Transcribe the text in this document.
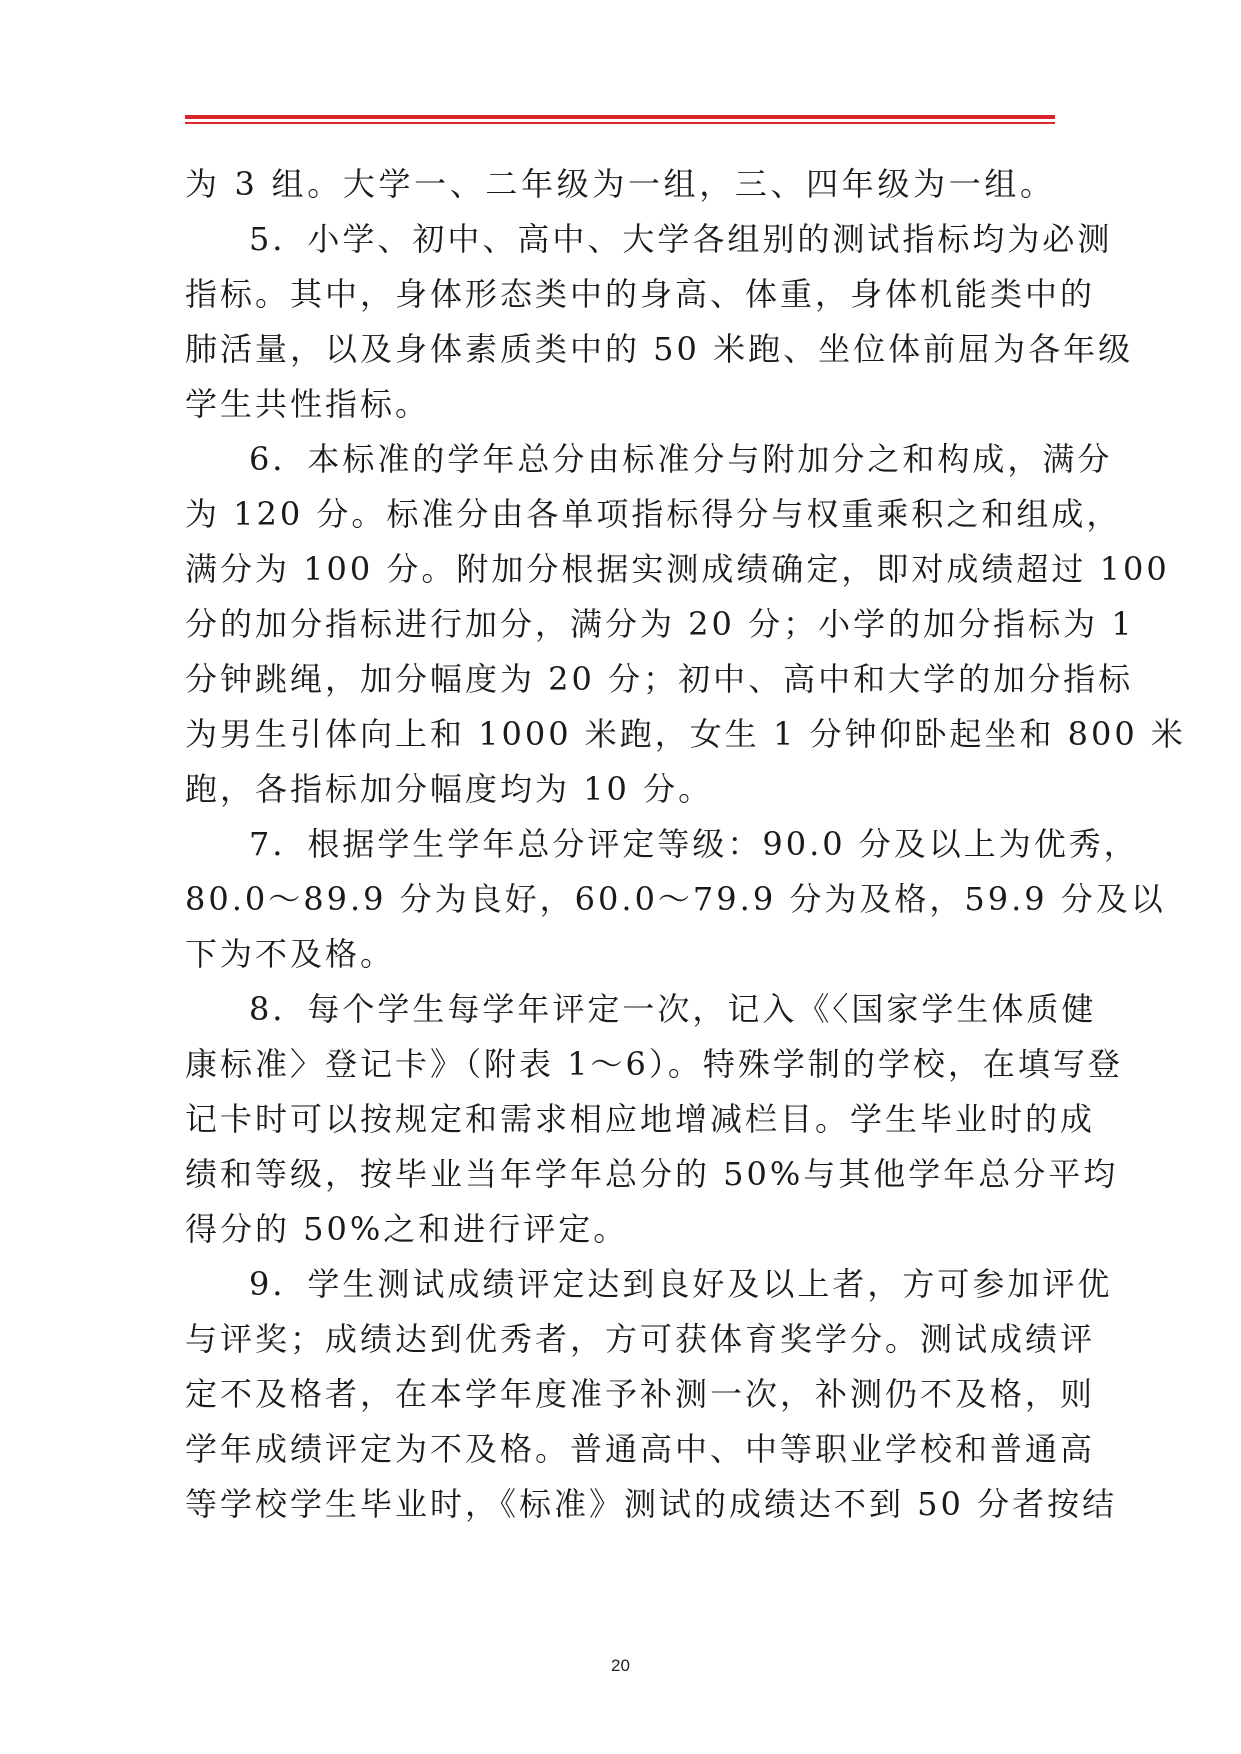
为 3 组。大学一、二年级为一组，三、四年级为一组。
5．小学、初中、高中、大学各组别的测试指标均为必测
指标。其中，身体形态类中的身高、体重，身体机能类中的
肺活量，以及身体素质类中的 50 米跑、坐位体前屈为各年级
学生共性指标。
6．本标准的学年总分由标准分与附加分之和构成，满分
为 120 分。标准分由各单项指标得分与权重乘积之和组成，
满分为 100 分。附加分根据实测成绩确定，即对成绩超过 100
分的加分指标进行加分，满分为 20 分；小学的加分指标为 1
分钟跳绳，加分幅度为 20 分；初中、高中和大学的加分指标
为男生引体向上和 1000 米跑，女生 1 分钟仰卧起坐和 800 米
跑，各指标加分幅度均为 10 分。
7．根据学生学年总分评定等级：90.0 分及以上为优秀，
80.0～89.9 分为良好，60.0～79.9 分为及格，59.9 分及以
下为不及格。
8．每个学生每学年评定一次，记入《〈国家学生体质健
康标准〉登记卡》（附表 1～6）。特殊学制的学校，在填写登
记卡时可以按规定和需求相应地增减栏目。学生毕业时的成
绩和等级，按毕业当年学年总分的 50%与其他学年总分平均
得分的 50%之和进行评定。
9．学生测试成绩评定达到良好及以上者，方可参加评优
与评奖；成绩达到优秀者，方可获体育奖学分。测试成绩评
定不及格者，在本学年度准予补测一次，补测仍不及格，则
学年成绩评定为不及格。普通高中、中等职业学校和普通高
等学校学生毕业时，《标准》测试的成绩达不到 50 分者按结
20
